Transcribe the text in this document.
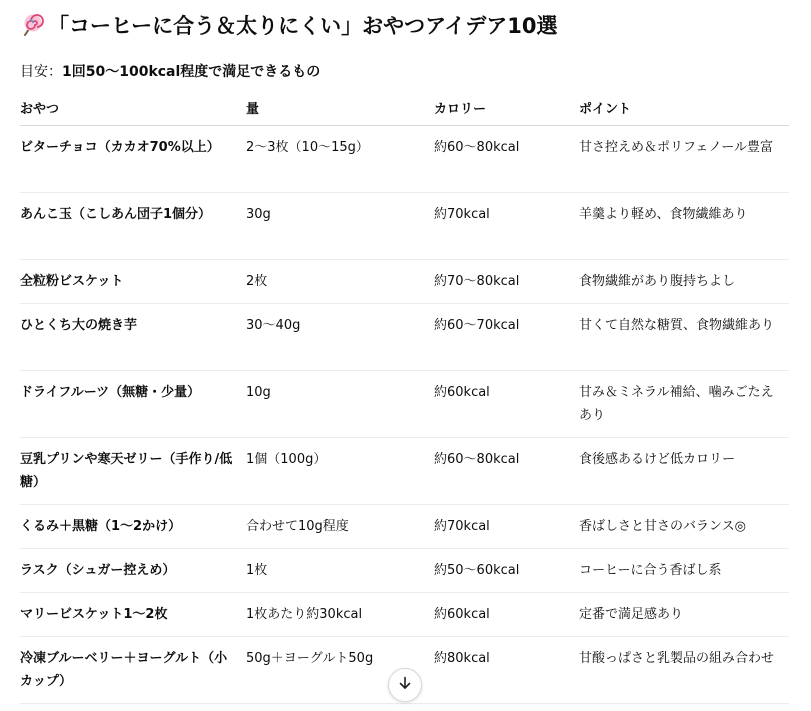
「コーヒーに合う＆太りにくい」おやつアイデア10選
目安： 1回50〜100kcal程度で満足できるもの
おやつ	量	カロリー	ポイント
ビターチョコ（カカオ70%以上）	2〜3枚（10〜15g）	約60〜80kcal	甘さ控えめ＆ポリフェノール豊富
あんこ玉（こしあん団子1個分）	30g	約70kcal	羊羹より軽め、食物繊維あり
全粒粉ビスケット	2枚	約70〜80kcal	食物繊維があり腹持ちよし
ひとくち大の焼き芋	30〜40g	約60〜70kcal	甘くて自然な糖質、食物繊維あり
ドライフルーツ（無糖・少量）	10g	約60kcal	甘み＆ミネラル補給、噛みごたえあり
豆乳プリンや寒天ゼリー（手作り/低糖）	1個（100g）	約60〜80kcal	食後感あるけど低カロリー
くるみ＋黒糖（1〜2かけ）	合わせて10g程度	約70kcal	香ばしさと甘さのバランス◎
ラスク（シュガー控えめ）	1枚	約50〜60kcal	コーヒーに合う香ばし系
マリービスケット1〜2枚	1枚あたり約30kcal	約60kcal	定番で満足感あり
冷凍ブルーベリー＋ヨーグルト（小カップ）	50g＋ヨーグルト50g	約80kcal	甘酸っぱさと乳製品の組み合わせ
